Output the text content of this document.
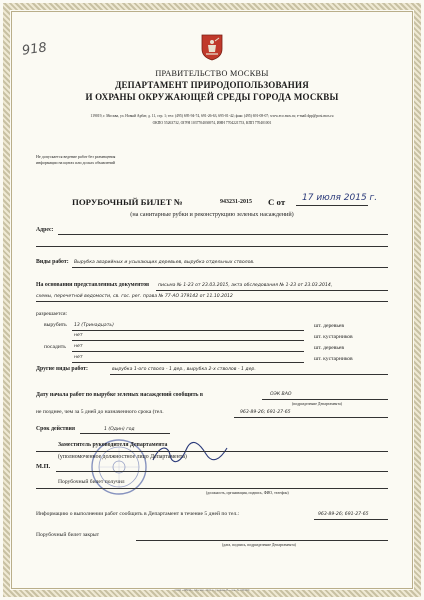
918
ПРАВИТЕЛЬСТВО МОСКВЫ
ДЕПАРТАМЕНТ ПРИРОДОПОЛЬЗОВАНИЯ
И ОХРАНЫ ОКРУЖАЮЩЕЙ СРЕДЫ ГОРОДА МОСКВЫ
119019, г. Москва, ул. Новый Арбат, д. 11, стр. 1; тел: (495) 695-94-74, 691-26-63, 695-01-42; факс (495) 691-08-07; www.eco.mos.ru; e-mail:dpp@post.mos.ru
ОКПО 55263732, ОГРН 1037704036974, ИНН 7704221753, КПП 770401001
Не допускается ведение работ без размещения
информации на щитах или досках объявлений
ПОРУБОЧНЫЙ БИЛЕТ №	943231-2015 С от 17 июля 2015 г.
(на санитарные рубки и реконструкцию зеленых насаждений)
Адрес:
Виды работ: Вырубка аварийных и усыхающих деревьев, вырубка отдельных стволов.
На основании представленных документов письма № 1-23 от 23.03.2015, акта обследования № 1-23 от 23.03.2014,
схемы, перечетной ведомости, св. гос. рег. права № 77-АО 379142 от 11.10.2012
разрешается:
вырубить 13 (Тринадцать)	шт. деревьев
нет	шт. кустарников
посадить нет	шт. деревьев
нет	шт. кустарников
Другие виды работ:	вырубка 1-ого ствола - 1 дер., вырубка 2-х стволов - 1 дер.
Дату начала работ по вырубке зеленых насаждений сообщить в	ОЭК ВАО
(подразделение Департамента)
не позднее, чем за 5 дней до назначенного срока (тел.	963-89-26; 691-27-65
Срок действия	1 (Один) год
Заместитель руководителя Департамента
(уполномоченное должностное лицо Департамента)
М.П.
Порубочный билет получил
(должность, организация, подпись, ФИО, телефон)
Информацию о выполнении работ сообщить в Департамент в течение 5 дней по тел.:	963-89-26; 691-27-65
Порубочный билет закрыт
(дата, подпись, подразделение Департамента)
ООО «ЭВРИ», Москва, 2014 г., уровень В», зак. № 000000
